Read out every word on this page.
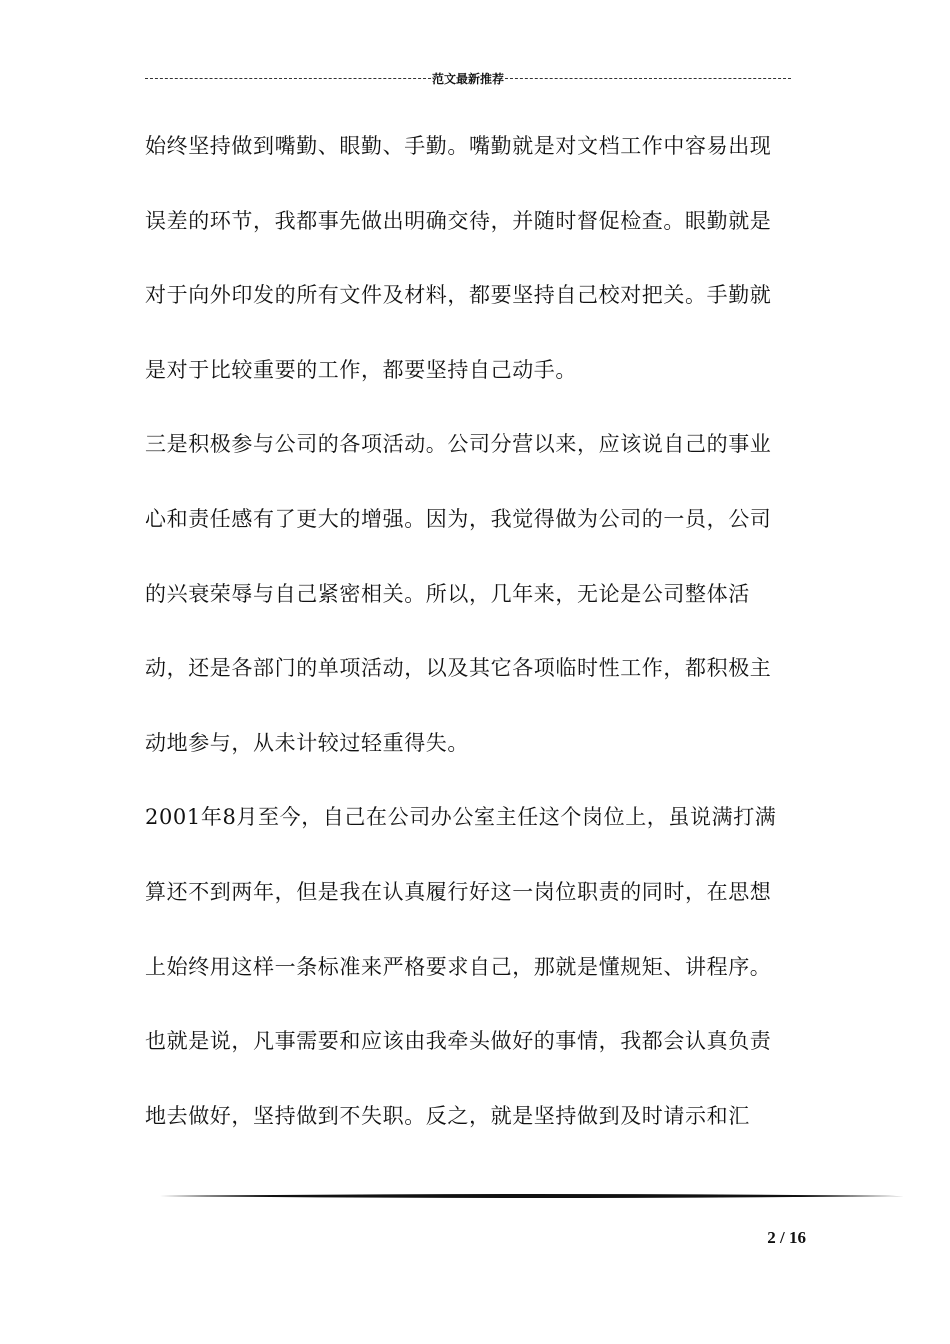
范文最新推荐
始终坚持做到嘴勤、眼勤、手勤。嘴勤就是对文档工作中容易出现
误差的环节，我都事先做出明确交待，并随时督促检查。眼勤就是
对于向外印发的所有文件及材料，都要坚持自己校对把关。手勤就
是对于比较重要的工作，都要坚持自己动手。
三是积极参与公司的各项活动。公司分营以来，应该说自己的事业
心和责任感有了更大的增强。因为，我觉得做为公司的一员，公司
的兴衰荣辱与自己紧密相关。所以，几年来，无论是公司整体活
动，还是各部门的单项活动，以及其它各项临时性工作，都积极主
动地参与，从未计较过轻重得失。
2001年8月至今，自己在公司办公室主任这个岗位上，虽说满打满
算还不到两年，但是我在认真履行好这一岗位职责的同时，在思想
上始终用这样一条标准来严格要求自己，那就是懂规矩、讲程序。
也就是说，凡事需要和应该由我牵头做好的事情，我都会认真负责
地去做好，坚持做到不失职。反之，就是坚持做到及时请示和汇
2 / 16
